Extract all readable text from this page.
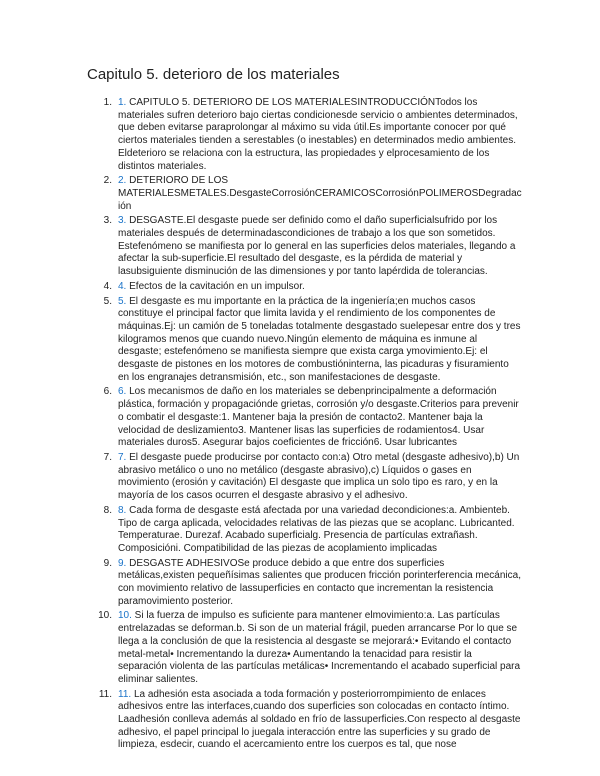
Capitulo 5. deterioro de los materiales
1. 1. CAPITULO 5. DETERIORO DE LOS MATERIALESINTRODUCCIÓNTodos los materiales sufren deterioro bajo ciertas condicionesde servicio o ambientes determinados, que deben evitarse paraprolongar al máximo su vida útil.Es importante conocer por qué ciertos materiales tienden a serestables (o inestables) en determinados medio ambientes. Eldeterioro se relaciona con la estructura, las propiedades y elprocesamiento de los distintos materiales.
2. 2. DETERIORO DE LOS MATERIALESMETALES.DesgasteCorrosiónCERAMICOSCorrosiónPOLIMEROSDegradación
3. 3. DESGASTE.El desgaste puede ser definido como el daño superficialsufrido por los materiales después de determinadascondiciones de trabajo a los que son sometidos. Estefenómeno se manifiesta por lo general en las superficies delos materiales, llegando a afectar la sub-superficie.El resultado del desgaste, es la pérdida de material y lasubsiguiente disminución de las dimensiones y por tanto lapérdida de tolerancias.
4. 4. Efectos de la cavitación en un impulsor.
5. 5. El desgaste es mu importante en la práctica de la ingeniería;en muchos casos constituye el principal factor que limita lavida y el rendimiento de los componentes de máquinas.Ej: un camión de 5 toneladas totalmente desgastado suelepesar entre dos y tres kilogramos menos que cuando nuevo.Ningún elemento de máquina es inmune al desgaste; estefenómeno se manifiesta siempre que exista carga ymovimiento.Ej: el desgaste de pistones en los motores de combustióninterna, las picaduras y fisuramiento en los engranajes detransmisión, etc., son manifestaciones de desgaste.
6. 6. Los mecanismos de daño en los materiales se debenprincipalmente a deformación plástica, formación y propagacióndе grietas, corrosión y/o desgaste.Criterios para prevenir o combatir el desgaste:1. Mantener baja la presión de contacto2. Mantener baja la velocidad de deslizamiento3. Mantener lisas las superficies de rodamientos4. Usar materiales duros5. Asegurar bajos coeficientes de fricción6. Usar lubricantes
7. 7. El desgaste puede producirse por contacto con:a) Otro metal (desgaste adhesivo),b) Un abrasivo metálico o uno no metálico (desgaste abrasivo),c) Líquidos o gases en movimiento (erosión y cavitación) El desgaste que implica un solo tipo es raro, y en la mayoría de los casos ocurren el desgaste abrasivo y el adhesivo.
8. 8. Cada forma de desgaste está afectada por una variedad decondiciones:a. Ambienteb. Tipo de carga aplicada, velocidades relativas de las piezas que se acoplanc. Lubricantеd. Temperaturae. Durezaf. Acabado superficialg. Presencia de partículas extrañash. Composicióni. Compatibilidad de las piezas de acoplamiento implicadas
9. 9. DESGASTE ADHESIVOSe produce debido a que entre dos superficies metálicas,existen pequeñísimas salientes que producen fricción porinterferencia mecánica, con movimiento relativo de lassuperficies en contacto que incrementan la resistencia paramovimiento posterior.
10. 10. Si la fuerza de impulso es suficiente para mantener elmovimiento:a. Las partículas entrelazadas se deforman.b. Si son de un material frágil, pueden arrancarse Por lo que se llega a la conclusión de que la resistencia al desgaste se mejorará:• Evitando el contacto metal-metal• Incrementando la dureza• Aumentando la tenacidad para resistir la separación violenta de las partículas metálicas• Incrementando el acabado superficial para eliminar salientes.
11. 11. La adhesión esta asociada a toda formación y posteriorrompimiento de enlaces adhesivos entre las interfaces,cuando dos superficies son colocadas en contacto íntimo. Laadhesión conlleva además al soldado en frío de lassuperficies.Con respecto al desgaste adhesivo, el papel principal lo juegala interacción entre las superficies y su grado de limpieza, esdecir, cuando el acercamiento entre los cuerpos es tal, que nose
